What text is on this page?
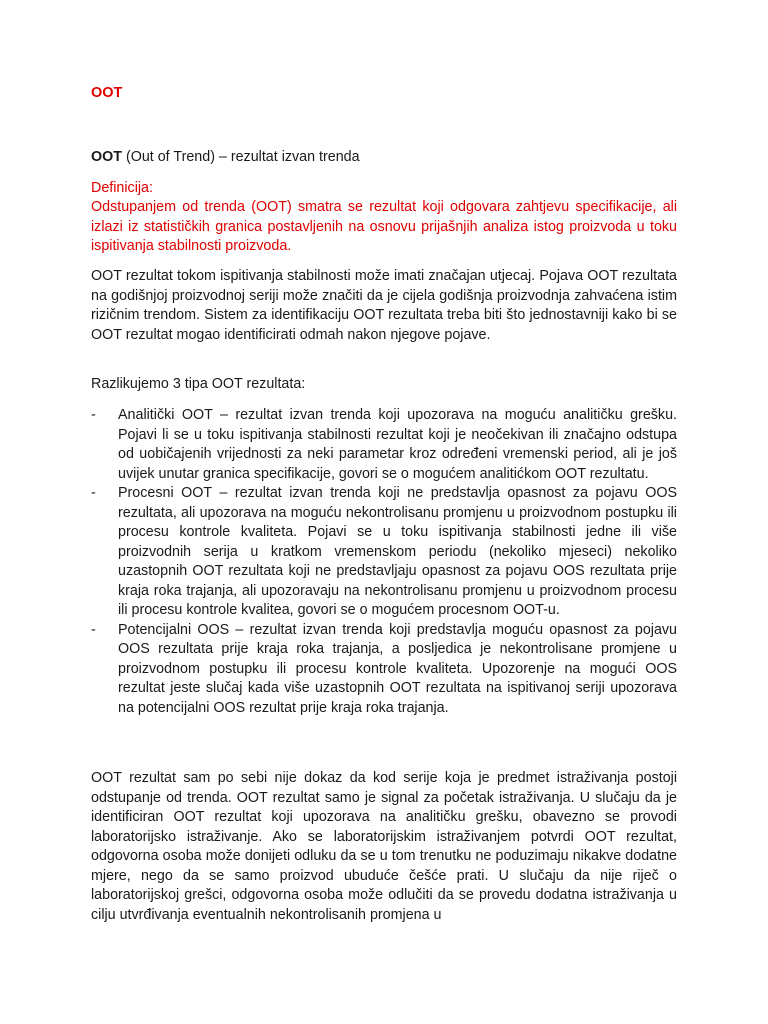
OOT

OOT (Out of Trend) – rezultat izvan trenda

Definicija:

Odstupanjem od trenda (OOT) smatra se rezultat koji odgovara zahtjevu specifikacije, ali izlazi iz statističkih granica postavljenih na osnovu prijašnjih analiza istog proizvoda u toku ispitivanja stabilnosti proizvoda.

OOT rezultat tokom ispitivanja stabilnosti može imati značajan utjecaj. Pojava OOT rezultata na godišnjoj proizvodnoj seriji može značiti da je cijela godišnja proizvodnja zahvaćena istim rizičnim trendom. Sistem za identifikaciju OOT rezultata treba biti što jednostavniji kako bi se OOT rezultat mogao identificirati odmah nakon njegove pojave.

Razlikujemo 3 tipa OOT rezultata:

- Analitički OOT – rezultat izvan trenda koji upozorava na moguću analitičku grešku. Pojavi li se u toku ispitivanja stabilnosti rezultat koji je neočekivan ili značajno odstupa od uobičajenih vrijednosti za neki parametar kroz određeni vremenski period, ali je još uvijek unutar granica specifikacije, govori se o mogućem analitićkom OOT rezultatu.
- Procesni OOT – rezultat izvan trenda koji ne predstavlja opasnost za pojavu OOS rezultata, ali upozorava na moguću nekontrolisanu promjenu u proizvodnom postupku ili procesu kontrole kvaliteta. Pojavi se u toku ispitivanja stabilnosti jedne ili više proizvodnih serija u kratkom vremenskom periodu (nekoliko mjeseci) nekoliko uzastopnih OOT rezultata koji ne predstavljaju opasnost za pojavu OOS rezultata prije kraja roka trajanja, ali upozoravaju na nekontrolisanu promjenu u proizvodnom procesu ili procesu kontrole kvalitea, govori se o mogućem procesnom OOT-u.
- Potencijalni OOS – rezultat izvan trenda koji predstavlja moguću opasnost za pojavu OOS rezultata prije kraja roka trajanja, a posljedica je nekontrolisane promjene u proizvodnom postupku ili procesu kontrole kvaliteta. Upozorenje na mogući OOS rezultat jeste slučaj kada više uzastopnih OOT rezultata na ispitivanoj seriji upozorava na potencijalni OOS rezultat prije kraja roka trajanja.

OOT rezultat sam po sebi nije dokaz da kod serije koja je predmet istraživanja postoji odstupanje od trenda. OOT rezultat samo je signal za početak istraživanja. U slučaju da je identificiran OOT rezultat koji upozorava na analitičku grešku, obavezno se provodi laboratorijsko istraživanje. Ako se laboratorijskim istraživanjem potvrdi OOT rezultat, odgovorna osoba može donijeti odluku da se u tom trenutku ne poduzimaju nikakve dodatne mjere, nego da se samo proizvod ubuduće češće prati. U slučaju da nije riječ o laboratorijskoj grešci, odgovorna osoba može odlučiti da se provedu dodatna istraživanja u cilju utvrđivanja eventualnih nekontrolisanih promjena u
